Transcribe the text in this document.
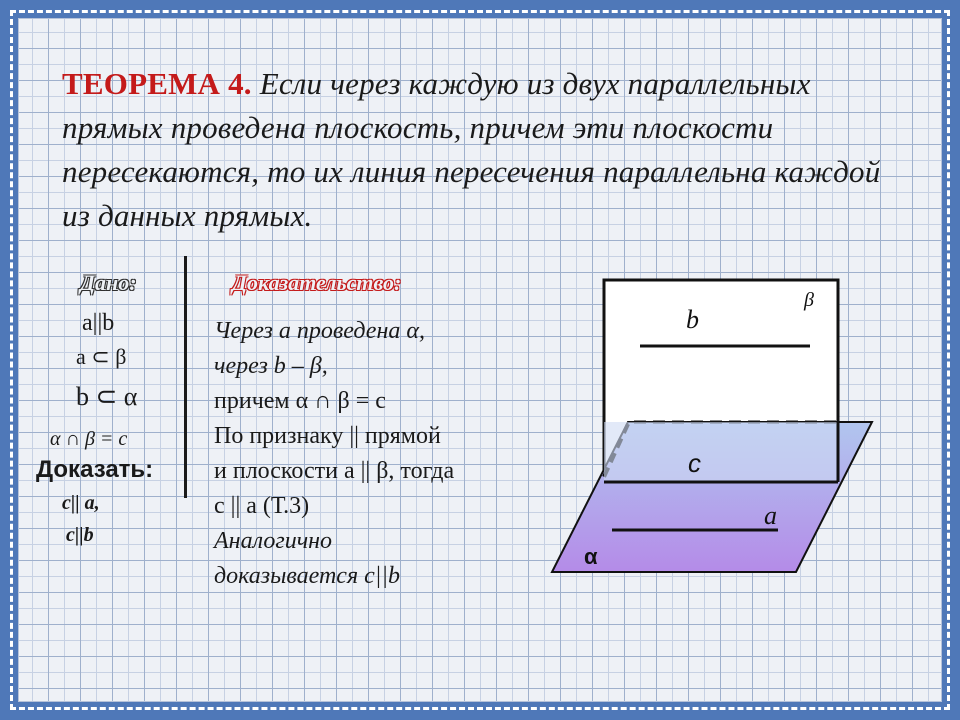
ТЕОРЕМА 4. Если через каждую из двух параллельных прямых проведена плоскость, причем эти плоскости пересекаются, то их линия пересечения параллельна каждой из данных прямых.
Дано:
a||b
a ⊂ β
b ⊂ α
α ∩ β = c
Доказать:
c|| a,
c||b
Доказательство:
Через а проведена α,
через b – β,
причем α ∩ β = c
По признаку || прямой
и плоскости a || β, тогда
c || a (Т.3)
Аналогично
доказывается c||b
b
β
c
a
α
